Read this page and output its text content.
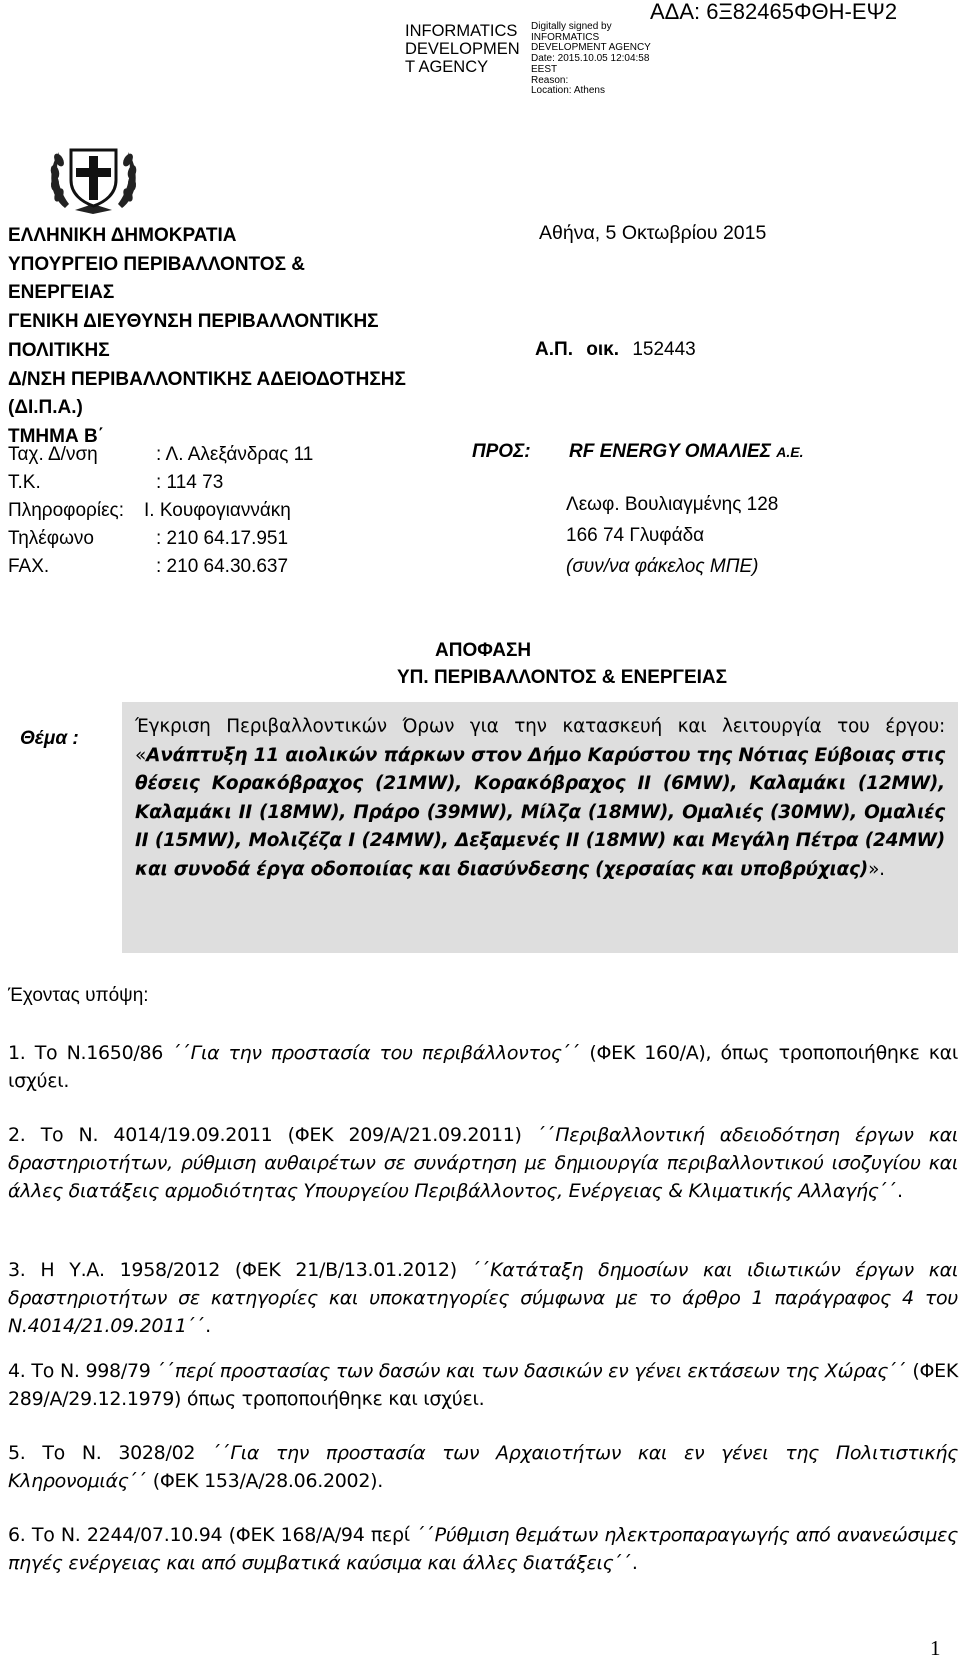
INFORMATICS
DEVELOPMEN
T AGENCY
Digitally signed by
INFORMATICS
DEVELOPMENT AGENCY
Date: 2015.10.05 12:04:58
EEST
Reason:
Location: Athens
ΑΔΑ: 6Ξ82465ΦΘΗ-ΕΨ2
ΕΛΛΗΝΙΚΗ ΔΗΜΟΚΡΑΤΙΑ
ΥΠΟΥΡΓΕΙΟ ΠΕΡΙΒΑΛΛΟΝΤΟΣ &
ΕΝΕΡΓΕΙΑΣ
ΓΕΝΙΚΗ ΔΙΕΥΘΥΝΣΗ ΠΕΡΙΒΑΛΛΟΝΤΙΚΗΣ
ΠΟΛΙΤΙΚΗΣ
Δ/ΝΣΗ ΠΕΡΙΒΑΛΛΟΝΤΙΚΗΣ ΑΔΕΙΟΔΟΤΗΣΗΣ
(ΔΙ.Π.Α.)
ΤΜΗΜΑ Β΄
Ταχ. Δ/νση	: Λ. Αλεξάνδρας 11
Τ.Κ.	: 114 73
Πληροφορίες: Ι. Κουφογιαννάκη
Τηλέφωνο	: 210 64.17.951
FAX.	: 210 64.30.637
Αθήνα, 5 Οκτωβρίου 2015
Α.Π. οικ. 152443
ΠΡΟΣ: RF ENERGY ΟΜΑΛΙΕΣ Α.Ε.
Λεωφ. Βουλιαγμένης 128
166 74 Γλυφάδα
(συν/να φάκελος ΜΠΕ)
ΑΠΟΦΑΣΗ
ΥΠ. ΠΕΡΙΒΑΛΛΟΝΤΟΣ & ΕΝΕΡΓΕΙΑΣ
Θέμα :
Έγκριση Περιβαλλοντικών Όρων για την κατασκευή και λειτουργία του έργου: «Ανάπτυξη 11 αιολικών πάρκων στον Δήμο Καρύστου της Νότιας Εύβοιας στις θέσεις Κορακόβραχος (21MW), Κορακόβραχος ΙΙ (6MW), Καλαμάκι (12MW), Καλαμάκι ΙΙ (18MW), Πράρο (39MW), Μίλζα (18MW), Ομαλιές (30MW), Ομαλιές ΙΙ (15MW), Μολιζέζα Ι (24MW), Δεξαμενές ΙΙ (18MW) και Μεγάλη Πέτρα (24MW) και συνοδά έργα οδοποιίας και διασύνδεσης (χερσαίας και υποβρύχιας)».
Έχοντας υπόψη:
1. Το Ν.1650/86 ΄΄Για την προστασία του περιβάλλοντος΄΄ (ΦΕΚ 160/Α), όπως τροποποιήθηκε και ισχύει.
2. Το Ν. 4014/19.09.2011 (ΦΕΚ 209/Α/21.09.2011) ΄΄Περιβαλλοντική αδειοδότηση έργων και δραστηριοτήτων, ρύθμιση αυθαιρέτων σε συνάρτηση με δημιουργία περιβαλλοντικού ισοζυγίου και άλλες διατάξεις αρμοδιότητας Υπουργείου Περιβάλλοντος, Ενέργειας & Κλιματικής Αλλαγής΄΄.
3. Η Υ.Α. 1958/2012 (ΦΕΚ 21/Β/13.01.2012) ΄΄Κατάταξη δημοσίων και ιδιωτικών έργων και δραστηριοτήτων σε κατηγορίες και υποκατηγορίες σύμφωνα με το άρθρο 1 παράγραφος 4 του Ν.4014/21.09.2011΄΄.
4. Το Ν. 998/79 ΄΄περί προστασίας των δασών και των δασικών εν γένει εκτάσεων της Χώρας΄΄ (ΦΕΚ 289/Α/29.12.1979) όπως τροποποιήθηκε και ισχύει.
5. Το Ν. 3028/02 ΄΄Για την προστασία των Αρχαιοτήτων και εν γένει της Πολιτιστικής Κληρονομιάς΄΄ (ΦΕΚ 153/Α/28.06.2002).
6. Το Ν. 2244/07.10.94 (ΦΕΚ 168/Α/94 περί ΄΄Ρύθμιση θεμάτων ηλεκτροπαραγωγής από ανανεώσιμες πηγές ενέργειας και από συμβατικά καύσιμα και άλλες διατάξεις΄΄.
1
